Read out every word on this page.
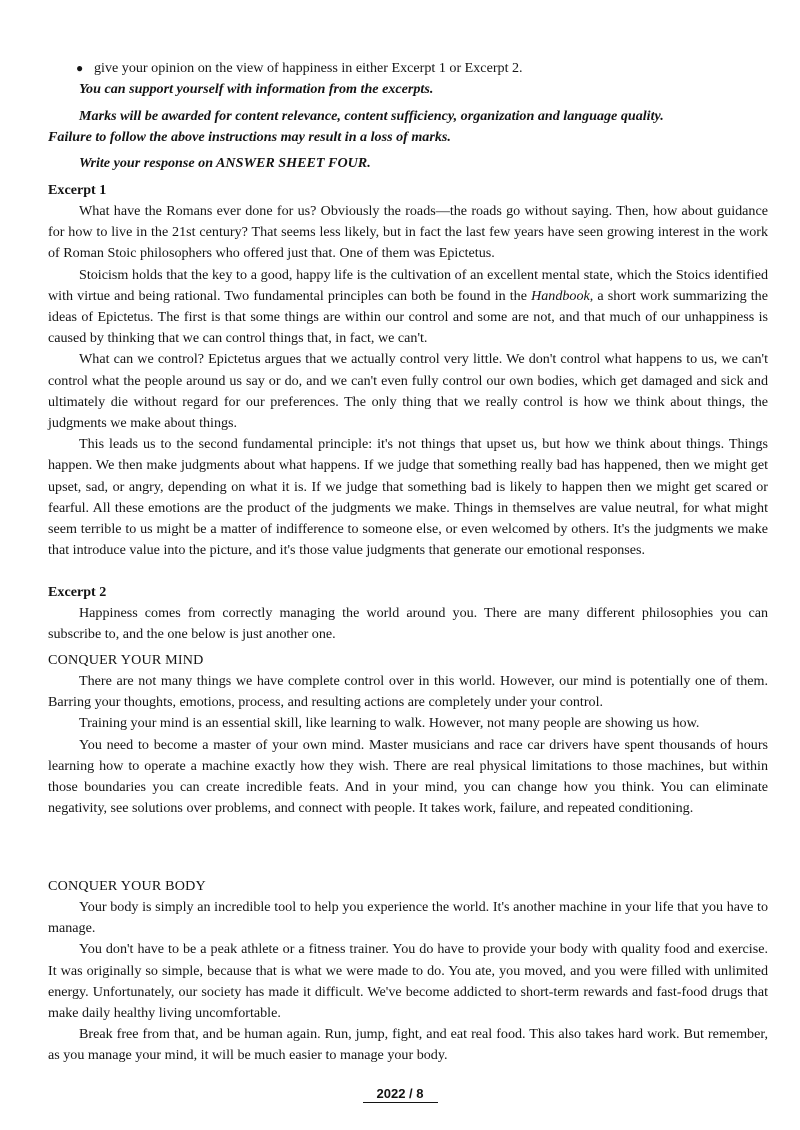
● give your opinion on the view of happiness in either Excerpt 1 or Excerpt 2.
You can support yourself with information from the excerpts.
Marks will be awarded for content relevance, content sufficiency, organization and language quality.
Failure to follow the above instructions may result in a loss of marks.
Write your response on ANSWER SHEET FOUR.
Excerpt 1

What have the Romans ever done for us? Obviously the roads—the roads go without saying. Then, how about guidance for how to live in the 21st century? That seems less likely, but in fact the last few years have seen growing interest in the work of Roman Stoic philosophers who offered just that. One of them was Epictetus.

Stoicism holds that the key to a good, happy life is the cultivation of an excellent mental state, which the Stoics identified with virtue and being rational. Two fundamental principles can both be found in the Handbook, a short work summarizing the ideas of Epictetus. The first is that some things are within our control and some are not, and that much of our unhappiness is caused by thinking that we can control things that, in fact, we can't.

What can we control? Epictetus argues that we actually control very little. We don't control what happens to us, we can't control what the people around us say or do, and we can't even fully control our own bodies, which get damaged and sick and ultimately die without regard for our preferences. The only thing that we really control is how we think about things, the judgments we make about things.

This leads us to the second fundamental principle: it's not things that upset us, but how we think about things. Things happen. We then make judgments about what happens. If we judge that something really bad has happened, then we might get upset, sad, or angry, depending on what it is. If we judge that something bad is likely to happen then we might get scared or fearful. All these emotions are the product of the judgments we make. Things in themselves are value neutral, for what might seem terrible to us might be a matter of indifference to someone else, or even welcomed by others. It's the judgments we make that introduce value into the picture, and it's those value judgments that generate our emotional responses.

Excerpt 2

Happiness comes from correctly managing the world around you. There are many different philosophies you can subscribe to, and the one below is just another one.

CONQUER YOUR MIND

There are not many things we have complete control over in this world. However, our mind is potentially one of them. Barring your thoughts, emotions, process, and resulting actions are completely under your control.

Training your mind is an essential skill, like learning to walk. However, not many people are showing us how.

You need to become a master of your own mind. Master musicians and race car drivers have spent thousands of hours learning how to operate a machine exactly how they wish. There are real physical limitations to those machines, but within those boundaries you can create incredible feats. And in your mind, you can change how you think. You can eliminate negativity, see solutions over problems, and connect with people. It takes work, failure, and repeated conditioning.

CONQUER YOUR BODY

Your body is simply an incredible tool to help you experience the world. It's another machine in your life that you have to manage.

You don't have to be a peak athlete or a fitness trainer. You do have to provide your body with quality food and exercise. It was originally so simple, because that is what we were made to do. You ate, you moved, and you were filled with unlimited energy. Unfortunately, our society has made it difficult. We've become addicted to short-term rewards and fast-food drugs that make daily healthy living uncomfortable.

Break free from that, and be human again. Run, jump, fight, and eat real food. This also takes hard work. But remember, as you manage your mind, it will be much easier to manage your body.

2022 / 8
